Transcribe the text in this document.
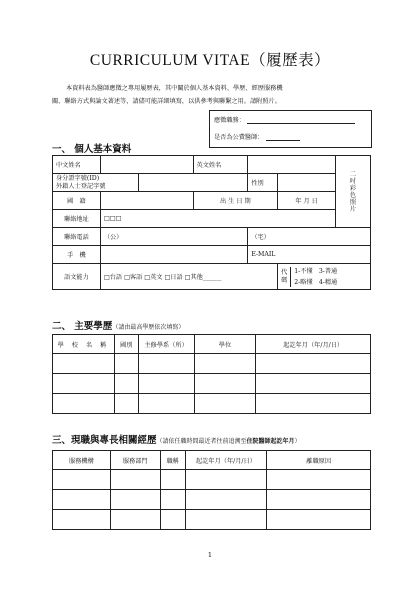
CURRICULUM VITAE（履歷表）

本資料表為醫師應徵之專用履歷表，其中關於個人基本資料、學歷、經歷服務機

關、聯絡方式與論文著述等，請儘可能詳細填寫，以供參考與聯繫之用。請附照片。
應徵職務：
是否為公費醫師：
一、 個人基本資料
中文姓名			英文姓名			二吋彩色照片

身分證字號(ID)
外籍人士登記字號				性別		
國　籍			出 生 日 期		年 月 日	
聯絡地址	□□□					
聯絡電話	（公）			（宅）		
手　機				E-MAIL		
語文能力	□台語 □客語 □英文 □日語 □其他______				代碼
1-不懂　3-普通
2-略懂　4-精通	
二、 主要學歷（請由最高學歷依次填寫）
學 校 名 稱	國別	主修學系（所）	學位	起訖年月（年/月/日）

三、現職與專長相關經歷（請依任職時間最近者往前追溯至住院醫師起訖年月）
服務機構	服務部門	職稱	起訖年月（年/月/日）	離職原因

1
